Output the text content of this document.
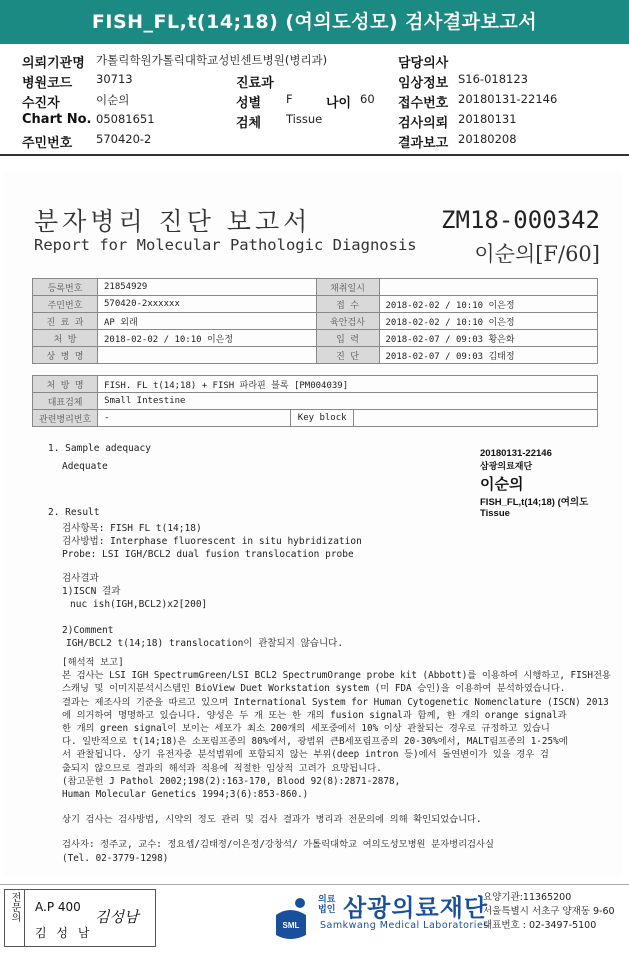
FISH_FL,t(14;18) (여의도성모) 검사결과보고서
의뢰기관명 가톨릭학원가톨릭대학교성빈센트병원(병리과)	담당의사
병원코드 30713	진료과	임상정보 S16-018123
수진자	이순의	성별 F	나이 60 접수번호 20180131-22146
Chart No. 05081651	검체 Tissue	검사의뢰 20180131
주민번호 570420-2	결과보고 20180208
분자병리 진단 보고서
Report for Molecular Pathologic Diagnosis
ZM18-000342
이순의[F/60]
등록번호	21854929	채취일시	
주민번호	570420-2xxxxxx	접 수	2018-02-02 / 10:10 이은정
진 료 과	AP 외래	육안검사	2018-02-02 / 10:10 이은정
처 방	2018-02-02 / 10:10 이은정	입 력	2018-02-07 / 09:03 황은화
상 병 명		진 단	2018-02-07 / 09:03 김태정
처 방 명	FISH. FL t(14;18) + FISH 파라핀 블록 [PM004039]		
대표검체	Small Intestine		
관련병리번호	-	Key block	
20180131-22146
삼광의료재단
이순의
FISH_FL,t(14;18) (여의도
Tissue
1. Sample adequacy
Adequate
2. Result
검사항목: FISH FL t(14;18)
검사방법: Interphase fluorescent in situ hybridization
Probe: LSI IGH/BCL2 dual fusion translocation probe
검사결과
1)ISCN 결과
nuc ish(IGH,BCL2)x2[200]
2)Comment
IGH/BCL2 t(14;18) translocation이 관찰되지 않습니다.
[해석적 보고]
본 검사는 LSI IGH SpectrumGreen/LSI BCL2 SpectrumOrange probe kit (Abbott)를 이용하여 시행하고, FISH전용
스캐닝 및 이미지분석시스템인 BioView Duet Workstation system (미 FDA 승인)을 이용하여 분석하였습니다.
결과는 제조사의 기준을 따르고 있으며 International System for Human Cytogenetic Nomenclature (ISCN) 2013
에 의거하여 명명하고 있습니다. 양성은 두 개 또는 한 개의 fusion signal과 함께, 한 개의 orange signal과
한 개의 green signal이 보이는 세포가 최소 200개의 세포중에서 10% 이상 관찰되는 경우로 규정하고 있습니
다. 일반적으로 t(14;18)은 소포림프종의 80%에서, 광범위 큰B세포림프종의 20-30%에서, MALT림프종의 1-25%에
서 관찰됩니다. 상기 유전자중 분석범위에 포함되지 않는 부위(deep intron 등)에서 돌연변이가 있을 경우 검
출되지 않으므로 결과의 해석과 적용에 적절한 임상적 고려가 요망됩니다.
(참고문헌 J Pathol 2002;198(2):163-170, Blood 92(8):2871-2878,
Human Molecular Genetics 1994;3(6):853-860.)
상기 검사는 검사방법, 시약의 정도 관리 및 검사 결과가 병리과 전문의에 의해 확인되었습니다.
검사자: 정주교, 교수: 정요셉/김태정/이은정/강창석/ 가톨릭대학교 여의도성모병원 분자병리검사실
(Tel. 02-3779-1298)
전문의	A.P 400
김 성 남
김성남	SML
의료
법인 삼광의료재단
Samkwang Medical Laboratories
요양기관:11365200
서울특별시 서초구 양재동 9-60
대표번호 : 02-3497-5100
